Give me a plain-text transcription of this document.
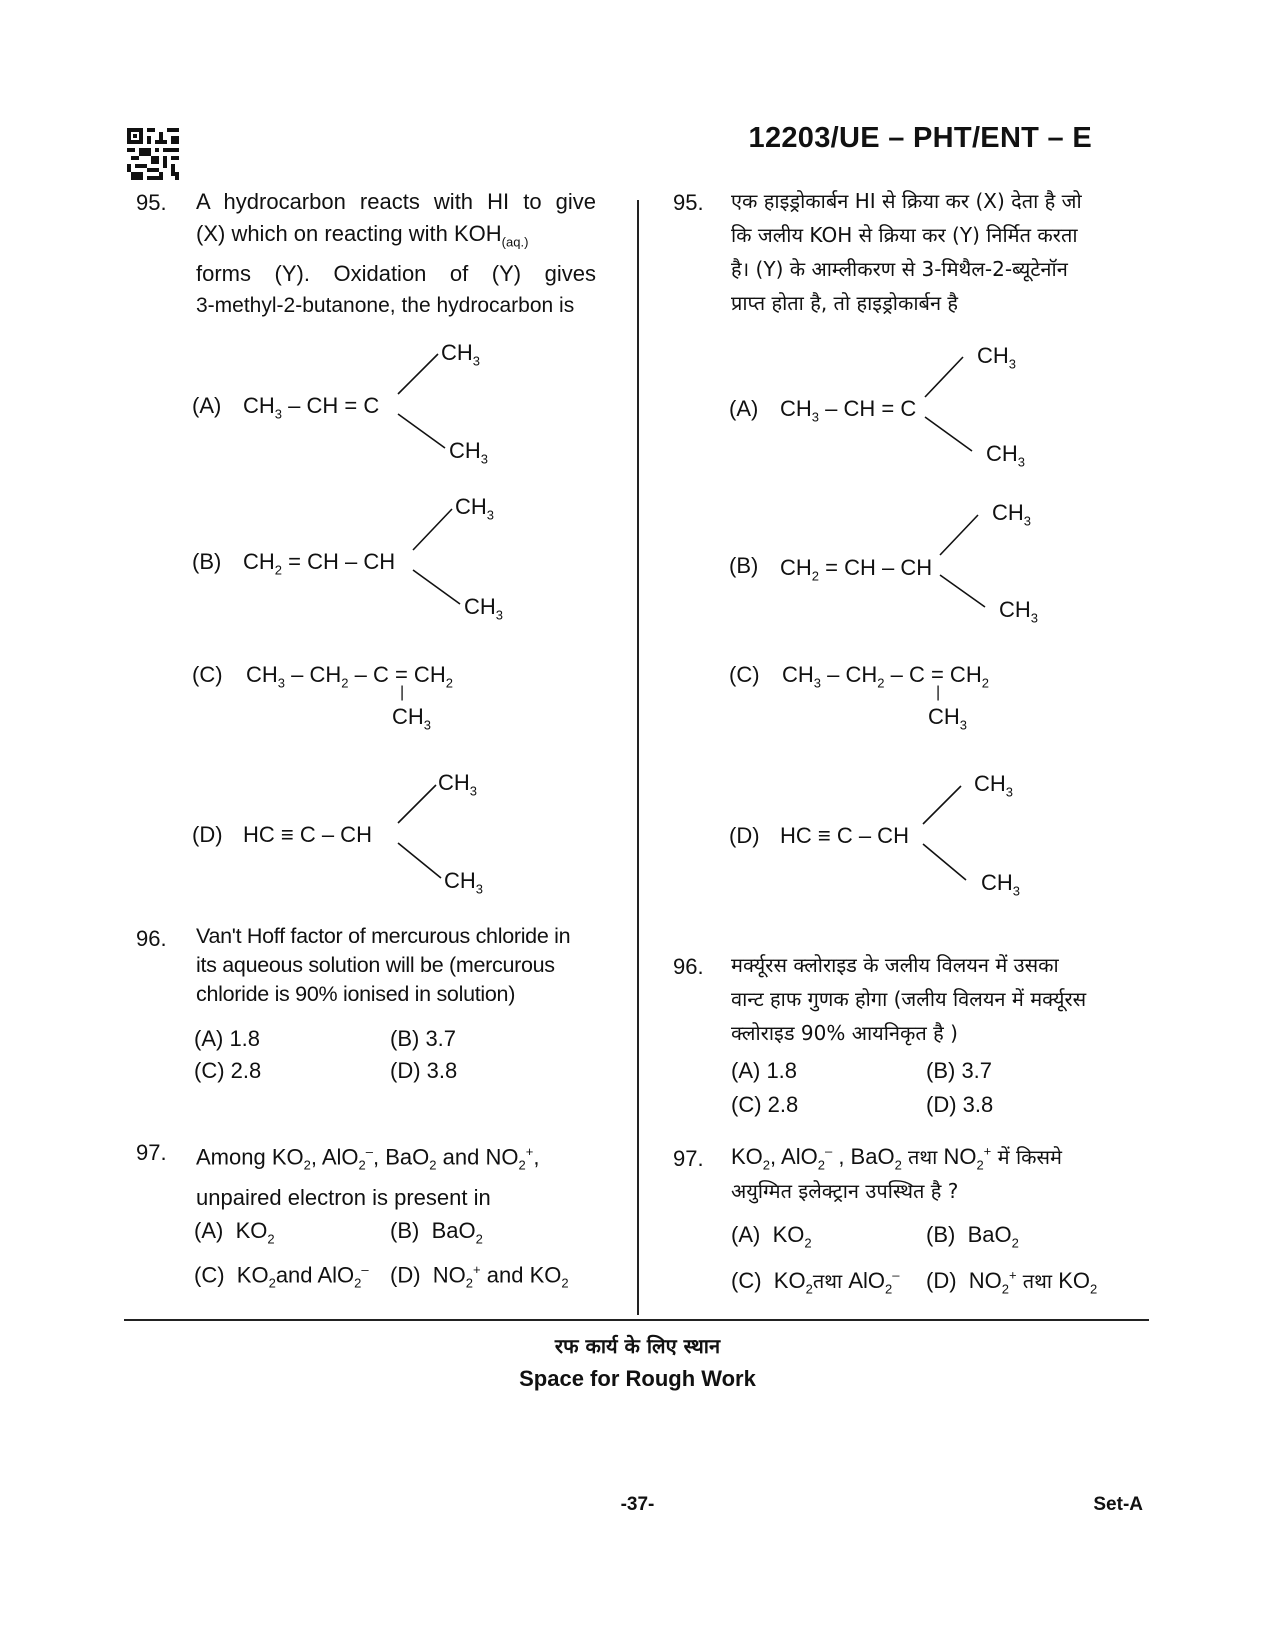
12203/UE – PHT/ENT – E
95. A hydrocarbon reacts with HI to give
(X) which on reacting with $KOH_{(aq.)}$
forms (Y). Oxidation of (Y) gives
3-methyl-2-butanone, the hydrocarbon is
(A) $CH_3$ – CH = C
$CH_3$
$CH_3$
(B) $CH_2$ = CH – CH
$CH_3$
$CH_3$
(C) $CH_3 - CH_2 - C = CH_2$
|
$CH_3$
(D) HC ≡ C – CH
$CH_3$
$CH_3$
96. Van't Hoff factor of mercurous chloride in
its aqueous solution will be (mercurous
chloride is 90% ionised in solution)
(A) 1.8	(B) 3.7
(C) 2.8	(D) 3.8
97. Among $KO_2$, AlO$_2$–, BaO$_2$ and $NO_2^+$,
unpaired electron is present in
(A) $KO_2$	(B) BaO$_2$
(C) $KO_2and$ AlO$_2$– (D) $NO_2^+$ and $KO_2$
95. एक हाइड्रोकार्बन HI से क्रिया कर (X) देता है जो
कि जलीय KOH से क्रिया कर (Y) निर्मित करता
है। (Y) के आम्लीकरण से 3-मिथैल-2-ब्यूटेनॉन
प्राप्त होता है, तो हाइड्रोकार्बन है
(A) $CH_3$ – CH = C
$CH_3$
$CH_3$
(B) $CH_2$ = CH – CH
$CH_3$
$CH_3$
(C) $CH_3 - CH_2 - C = CH_2$
|
$CH_3$
(D) HC ≡ C – CH
$CH_3$
$CH_3$
96. मर्क्यूरस क्लोराइड के जलीय विलयन में उसका
वान्ट हाफ गुणक होगा (जलीय विलयन में मर्क्यूरस
क्लोराइड 90% आयनिकृत है )
(A) 1.8	(B) 3.7
(C) 2.8	(D) 3.8
97. $KO_2$, AlO$_2$– , BaO$_2$ तथा $NO_2^+$ में किसमे
अयुग्मित इलेक्ट्रान उपस्थित है ?
(A) $KO_2$	(B) BaO$_2$
(C) $KO_2तथा$ AlO$_2$– (D) $NO_2^+$ तथा $KO_2$
रफ कार्य के लिए स्थान
Space for Rough Work
-37-	Set-A
